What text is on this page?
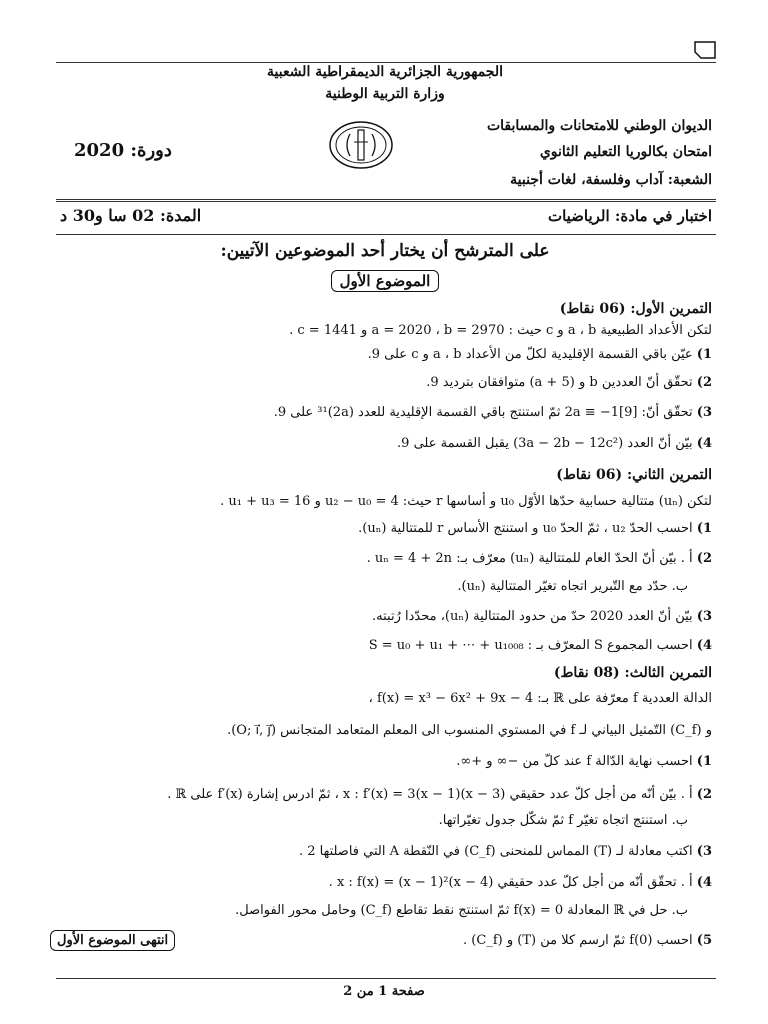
الجمهورية الجزائرية الديمقراطية الشعبية
وزارة التربية الوطنية
الديوان الوطني للامتحانات والمسابقات
امتحان بكالوريا التعليم الثانوي
الشعبة: آداب وفلسفة، لغات أجنبية
دورة: 2020
اختبار في مادة: الرياضيات
المدة: 02 سا و30 د
على المترشح أن يختار أحد الموضوعين الآتيين:
الموضوع الأول
التمرين الأول: (06 نقاط)
لتكن الأعداد الطبيعية a ، b و c حيث : a = 2020 ، b = 2970 و c = 1441 .
1) عيّن باقي القسمة الإقليدية لكلّ من الأعداد a ، b و c على 9.
2) تحقّق أنّ العددين b و (a + 5) متوافقان بترديد 9.
3) تحقّق أنّ: 2a ≡ −1[9] ثمّ استنتج باقي القسمة الإقليدية للعدد (2a)³¹ على 9.
4) بيّن أنّ العدد (3a − 2b − 12c²) يقبل القسمة على 9.
التمرين الثاني: (06 نقاط)
لتكن (uₙ) متتالية حسابية حدّها الأوّل u₀ و أساسها r حيث: u₂ − u₀ = 4 و u₁ + u₃ = 16 .
1) احسب الحدّ u₂ ، ثمّ الحدّ u₀ و استنتج الأساس r للمتتالية (uₙ).
2) أ . بيّن أنّ الحدّ العام للمتتالية (uₙ) معرّف بـ: uₙ = 4 + 2n .
ب. حدّد مع التّبرير اتجاه تغيّر المتتالية (uₙ).
3) بيّن أنّ العدد 2020 حدّ من حدود المتتالية (uₙ)، محدّدا رُتبته.
4) احسب المجموع S المعرّف بـ : S = u₀ + u₁ + ⋯ + u₁₀₀₈
التمرين الثالث: (08 نقاط)
الدالة العددية f معرّفة على ℝ بـ: f(x) = x³ − 6x² + 9x − 4 ،
و (C_f) التّمثيل البياني لـ f في المستوي المنسوب الى المعلم المتعامد المتجانس (O; i⃗, j⃗).
1) احسب نهاية الدّالة f عند كلّ من −∞ و +∞.
2) أ . بيّن أنّه من أجل كلّ عدد حقيقي x : f′(x) = 3(x − 1)(x − 3) ، ثمّ ادرس إشارة f′(x) على ℝ .
ب. استنتج اتجاه تغيّر f ثمّ شكّل جدول تغيّراتها.
3) اكتب معادلة لـ (T) المماس للمنحنى (C_f) في النّقطة A التي فاصلتها 2 .
4) أ . تحقّق أنّه من أجل كلّ عدد حقيقي x : f(x) = (x − 1)²(x − 4) .
ب. حل في ℝ المعادلة f(x) = 0 ثمّ استنتج نقط تقاطع (C_f) وحامل محور الفواصل.
5) احسب f(0) ثمّ ارسم كلا من (T) و (C_f) .
انتهى الموضوع الأول
صفحة 1 من 2
